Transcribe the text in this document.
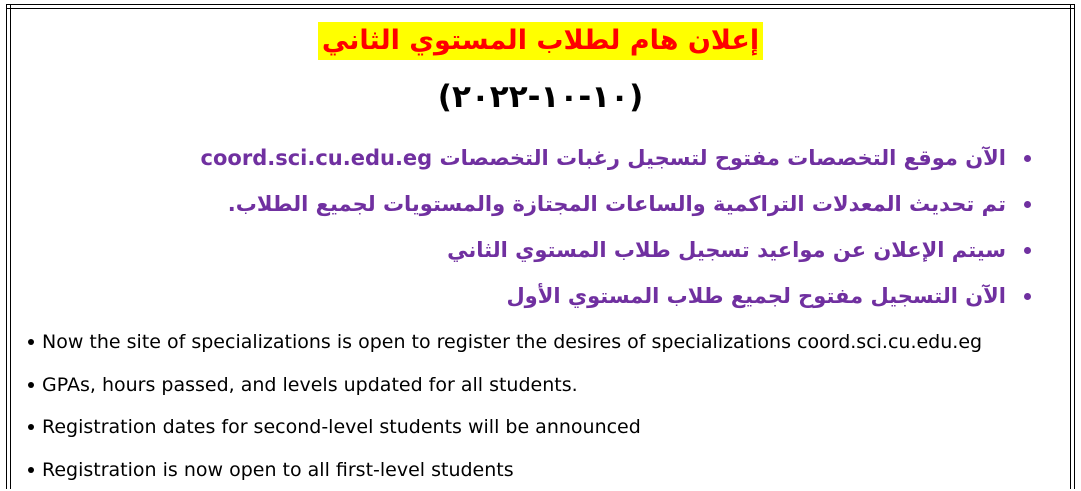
إعلان هام لطلاب المستوي الثاني
(١٠-١٠-٢٠٢٢)
الآن موقع التخصصات مفتوح لتسجيل رغبات التخصصات coord.sci.cu.edu.eg
تم تحديث المعدلات التراكمية والساعات المجتازة والمستويات لجميع الطلاب.
سيتم الإعلان عن مواعيد تسجيل طلاب المستوي الثاني
الآن التسجيل مفتوح لجميع طلاب المستوي الأول
Now the site of specializations is open to register the desires of specializations coord.sci.cu.edu.eg
GPAs, hours passed, and levels updated for all students.
Registration dates for second-level students will be announced
Registration is now open to all first-level students
